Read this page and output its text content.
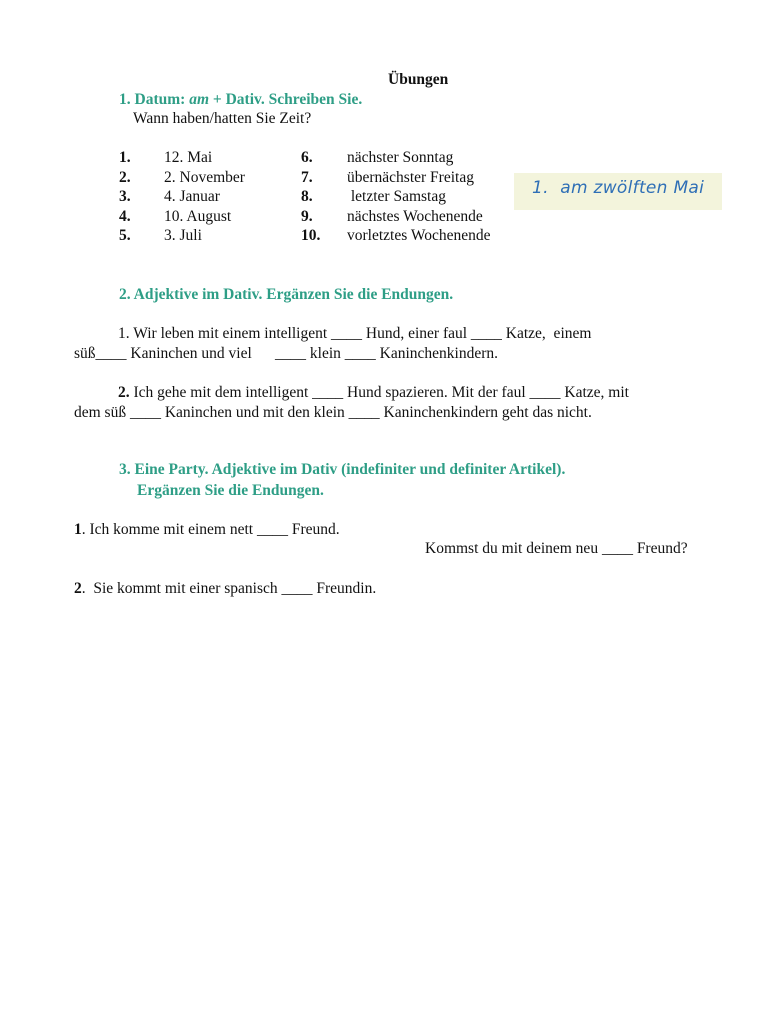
Übungen
1. Datum: am + Dativ. Schreiben Sie.
Wann haben/hatten Sie Zeit?
1. 12. Mai
2. 2. November
3. 4. Januar
4. 10. August
5. 3. Juli
6. nächster Sonntag
7. übernächster Freitag
8. letzter Samstag
9. nächstes Wochenende
10. vorletztes Wochenende
1.  am zwölften Mai
2. Adjektive im Dativ. Ergänzen Sie die Endungen.
1. Wir leben mit einem intelligent ____ Hund, einer faul ____ Katze,  einem
süß____ Kaninchen und viel      ____ klein ____ Kaninchenkindern.
2. Ich gehe mit dem intelligent ____ Hund spazieren. Mit der faul ____ Katze, mit
dem süß ____ Kaninchen und mit den klein ____ Kaninchenkindern geht das nicht.
3. Eine Party. Adjektive im Dativ (indefiniter und definiter Artikel).
Ergänzen Sie die Endungen.
1. Ich komme mit einem nett ____ Freund.
Kommst du mit deinem neu ____ Freund?
2.  Sie kommt mit einer spanisch ____ Freundin.
